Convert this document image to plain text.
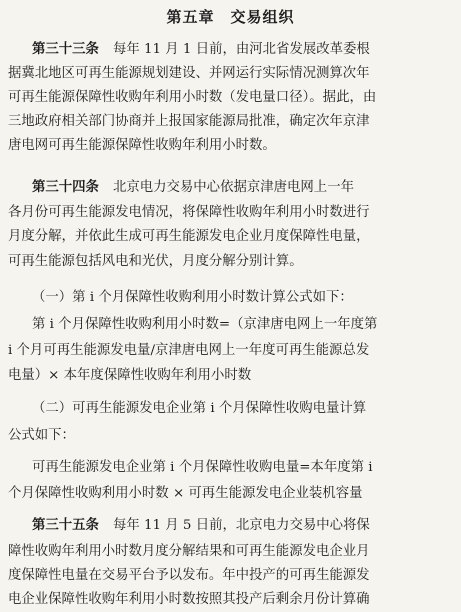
第五章　交易组织
第三十三条 每年 11 月 1 日前，由河北省发展改革委根
据冀北地区可再生能源规划建设、并网运行实际情况测算次年
可再生能源保障性收购年利用小时数（发电量口径）。据此，由
三地政府相关部门协商并上报国家能源局批准，确定次年京津
唐电网可再生能源保障性收购年利用小时数。
第三十四条 北京电力交易中心依据京津唐电网上一年
各月份可再生能源发电情况，将保障性收购年利用小时数进行
月度分解，并依此生成可再生能源发电企业月度保障性电量，
可再生能源包括风电和光伏，月度分解分别计算。
（一）第 i 个月保障性收购利用小时数计算公式如下：
第 i 个月保障性收购利用小时数=（京津唐电网上一年度第
i 个月可再生能源发电量/京津唐电网上一年度可再生能源总发
电量）× 本年度保障性收购年利用小时数
（二）可再生能源发电企业第 i 个月保障性收购电量计算
公式如下：
可再生能源发电企业第 i 个月保障性收购电量=本年度第 i
个月保障性收购利用小时数 × 可再生能源发电企业装机容量
第三十五条 每年 11 月 5 日前，北京电力交易中心将保
障性收购年利用小时数月度分解结果和可再生能源发电企业月
度保障性电量在交易平台予以发布。年中投产的可再生能源发
电企业保障性收购年利用小时数按照其投产后剩余月份计算确
